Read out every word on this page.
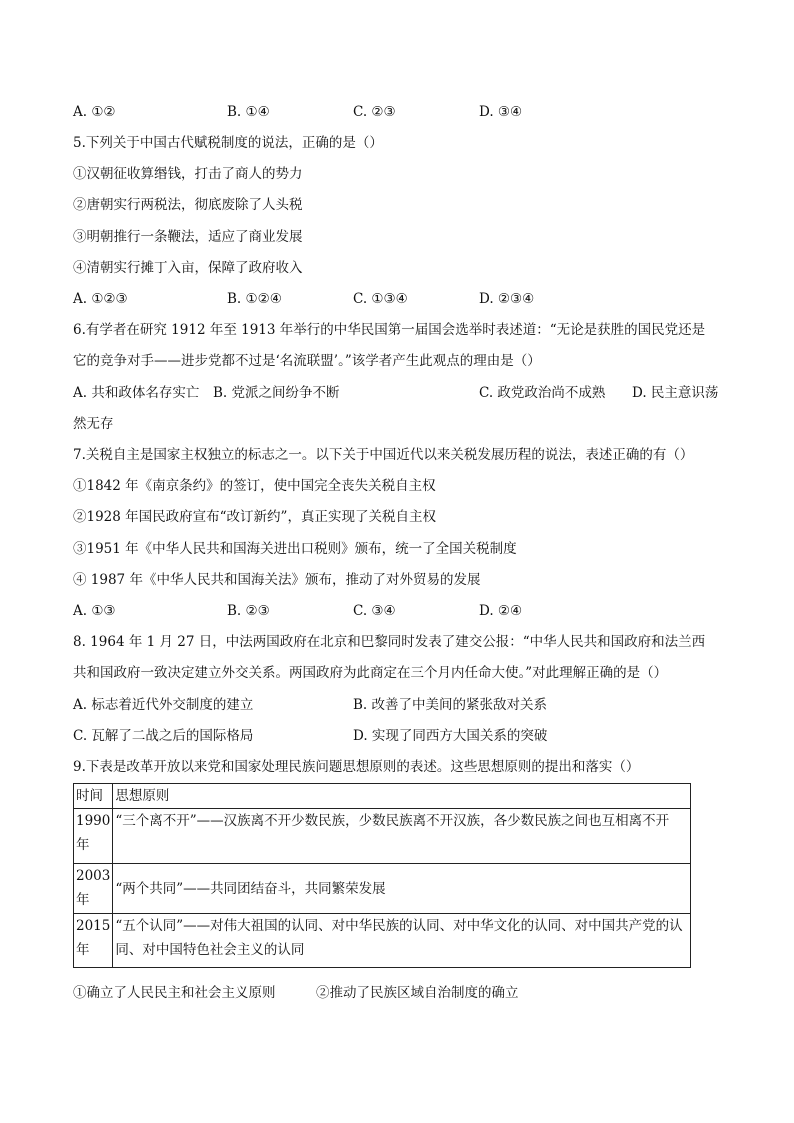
A. ①②	B. ①④	C. ②③	D. ③④
5.下列关于中国古代赋税制度的说法，正确的是（）
①汉朝征收算缗钱，打击了商人的势力
②唐朝实行两税法，彻底废除了人头税
③明朝推行一条鞭法，适应了商业发展
④清朝实行摊丁入亩，保障了政府收入
A. ①②③	B. ①②④	C. ①③④	D. ②③④
6.有学者在研究 1912 年至 1913 年举行的中华民国第一届国会选举时表述道：“无论是获胜的国民党还是
它的竞争对手——进步党都不过是‘名流联盟’。”该学者产生此观点的理由是（）
A. 共和政体名存实亡 B. 党派之间纷争不断	C. 政党政治尚不成熟 D. 民主意识荡
然无存
7.关税自主是国家主权独立的标志之一。以下关于中国近代以来关税发展历程的说法，表述正确的有（）
①1842 年《南京条约》的签订，使中国完全丧失关税自主权
②1928 年国民政府宣布“改订新约”，真正实现了关税自主权
③1951 年《中华人民共和国海关进出口税则》颁布，统一了全国关税制度
④ 1987 年《中华人民共和国海关法》颁布，推动了对外贸易的发展
A. ①③	B. ②③	C. ③④	D. ②④
8. 1964 年 1 月 27 日，中法两国政府在北京和巴黎同时发表了建交公报：“中华人民共和国政府和法兰西
共和国政府一致决定建立外交关系。两国政府为此商定在三个月内任命大使。”对此理解正确的是（）
A. 标志着近代外交制度的建立	B. 改善了中美间的紧张敌对关系
C. 瓦解了二战之后的国际格局	D. 实现了同西方大国关系的突破
9.下表是改革开放以来党和国家处理民族问题思想原则的表述。这些思想原则的提出和落实（）
时间	思想原则
1990 年	“三个离不开”——汉族离不开少数民族，少数民族离不开汉族，各少数民族之间也互相离不开
2003 年	“两个共同”——共同团结奋斗，共同繁荣发展
2015 年	“五个认同”——对伟大祖国的认同、对中华民族的认同、对中华文化的认同、对中国共产党的认同、对中国特色社会主义的认同
①确立了人民民主和社会主义原则	②推动了民族区域自治制度的确立
